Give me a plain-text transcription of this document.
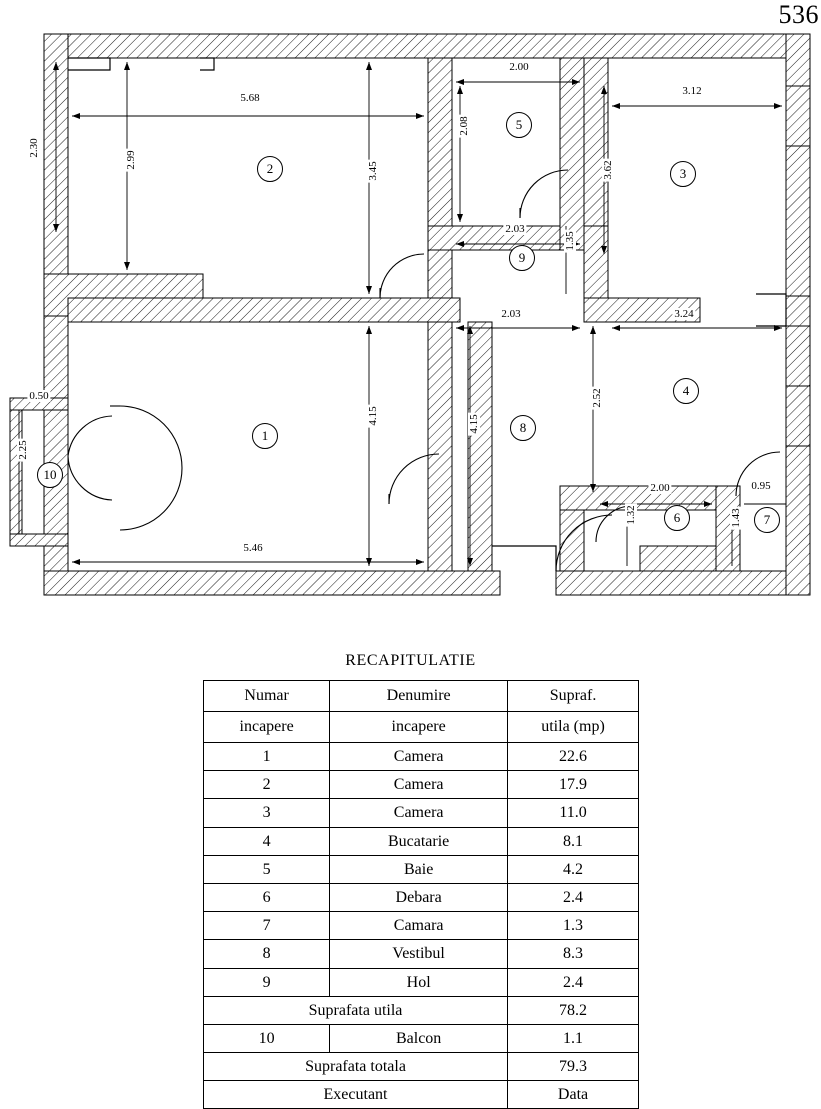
536
1
2	3
4
5
6	7
8
9
10
5.68
2.30
2.99
3.45
2.00
2.08
3.12
3.62
2.03
1.35
2.03	3.24
2.52
4.15	4.15
0.50
2.25
5.46
2.00
1.32	1.43
0.95
RECAPITULATIE
Numar	Denumire	Supraf.
incapere	incapere	utila (mp)
1	Camera	22.6
2	Camera	17.9
3	Camera	11.0
4	Bucatarie	8.1
5	Baie	4.2
6	Debara	2.4
7	Camara	1.3
8	Vestibul	8.3
9	Hol	2.4
Suprafata utila		78.2
10	Balcon	1.1
Suprafata totala		79.3
Executant		Data
